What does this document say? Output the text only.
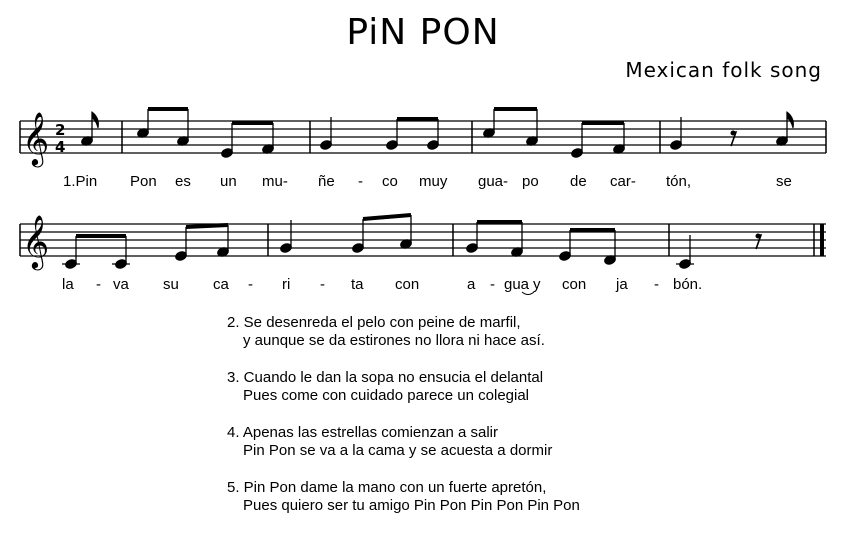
PiN PON
Mexican folk song
𝄞 2
4
1.Pin Pon es un mu- ñe - co muy gua- po de car- tón,	se
𝄞
la - va su ca - ri - ta con	a - gua y con ja - bón.
2. Se desenreda el pelo con peine de marfil,
y aunque se da estirones no llora ni hace así.
3. Cuando le dan la sopa no ensucia el delantal
Pues come con cuidado parece un colegial
4. Apenas las estrellas comienzan a salir
Pin Pon se va a la cama y se acuesta a dormir
5. Pin Pon dame la mano con un fuerte apretón,
Pues quiero ser tu amigo Pin Pon Pin Pon Pin Pon
